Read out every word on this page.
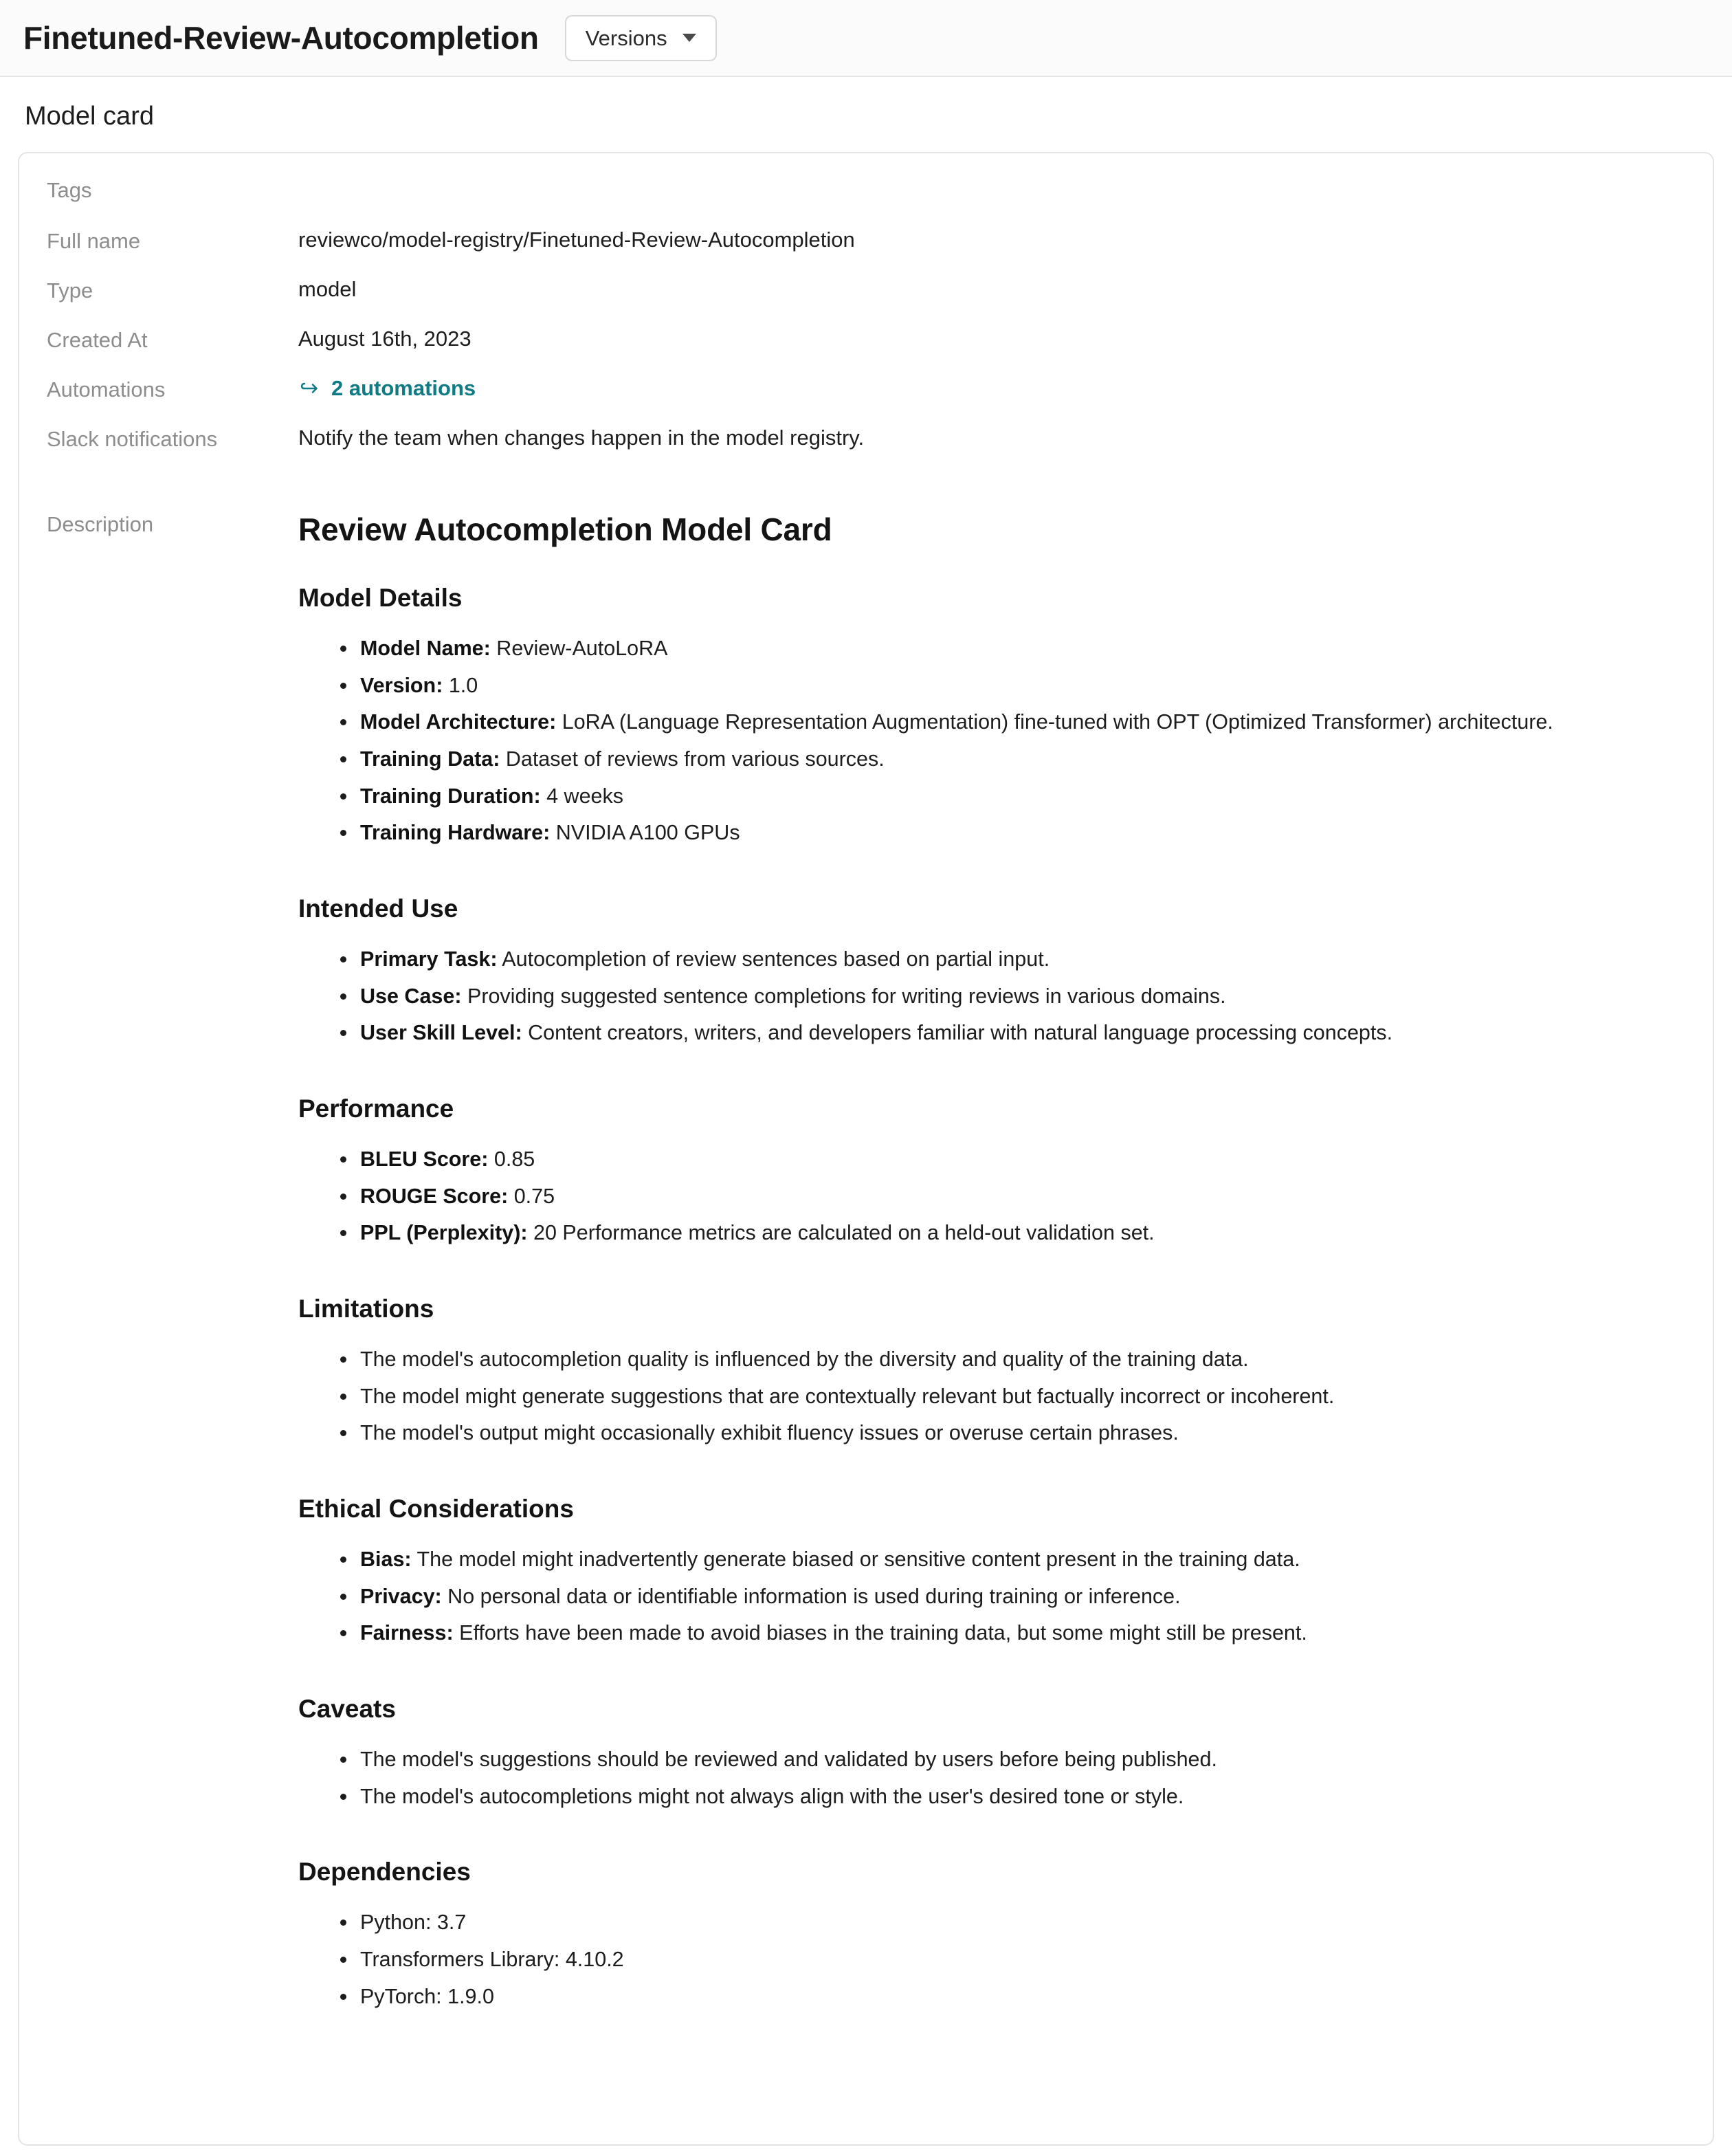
Finetuned-Review-Autocompletion Versions
Model card
Tags
Full name	reviewco/model-registry/Finetuned-Review-Autocompletion
Type	model
Created At	August 16th, 2023
Automations	2 automations
Slack notifications	Notify the team when changes happen in the model registry.
Description	Review Autocompletion Model Card
Model Details
• Model Name: Review-AutoLoRA
• Version: 1.0
• Model Architecture: LoRA (Language Representation Augmentation) fine-tuned with OPT (Optimized Transformer) architecture.
• Training Data: Dataset of reviews from various sources.
• Training Duration: 4 weeks
• Training Hardware: NVIDIA A100 GPUs
Intended Use
• Primary Task: Autocompletion of review sentences based on partial input.
• Use Case: Providing suggested sentence completions for writing reviews in various domains.
• User Skill Level: Content creators, writers, and developers familiar with natural language processing concepts.
Performance
• BLEU Score: 0.85
• ROUGE Score: 0.75
• PPL (Perplexity): 20 Performance metrics are calculated on a held-out validation set.
Limitations
• The model's autocompletion quality is influenced by the diversity and quality of the training data.
• The model might generate suggestions that are contextually relevant but factually incorrect or incoherent.
• The model's output might occasionally exhibit fluency issues or overuse certain phrases.
Ethical Considerations
• Bias: The model might inadvertently generate biased or sensitive content present in the training data.
• Privacy: No personal data or identifiable information is used during training or inference.
• Fairness: Efforts have been made to avoid biases in the training data, but some might still be present.
Caveats
• The model's suggestions should be reviewed and validated by users before being published.
• The model's autocompletions might not always align with the user's desired tone or style.
Dependencies
• Python: 3.7
• Transformers Library: 4.10.2
• PyTorch: 1.9.0
